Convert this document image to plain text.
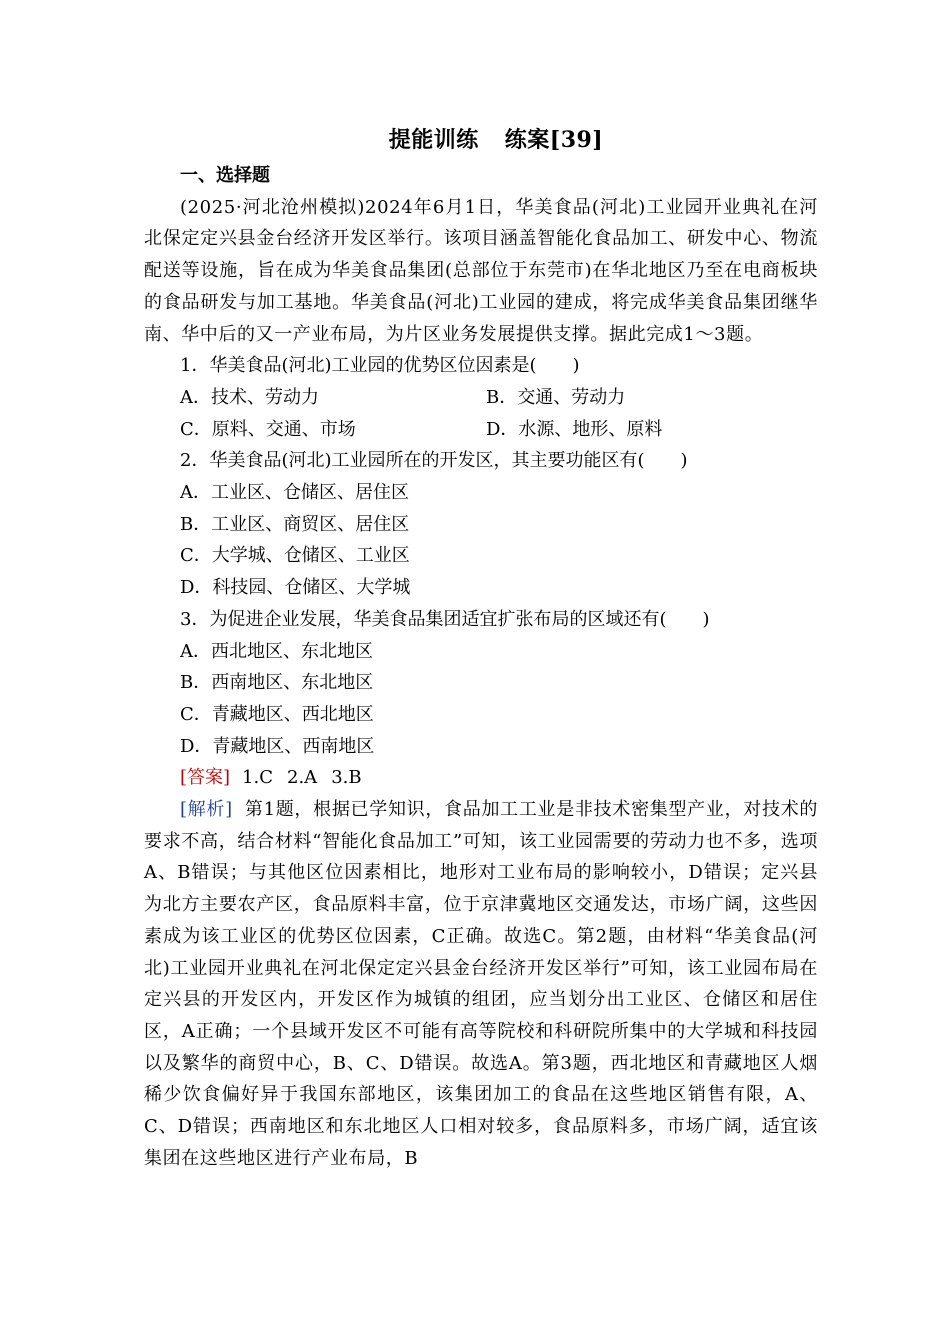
提能训练 练案[39]

一、选择题

(2025·河北沧州模拟)2024年6月1日，华美食品(河北)工业园开业典礼在河北保定定兴县金台经济开发区举行。该项目涵盖智能化食品加工、研发中心、物流配送等设施，旨在成为华美食品集团(总部位于东莞市)在华北地区乃至在电商板块的食品研发与加工基地。华美食品(河北)工业园的建成，将完成华美食品集团继华南、华中后的又一产业布局，为片区业务发展提供支撑。据此完成1～3题。

1．华美食品(河北)工业园的优势区位因素是(　　)

A．技术、劳动力	B．交通、劳动力
C．原料、交通、市场	D．水源、地形、原料

2．华美食品(河北)工业园所在的开发区，其主要功能区有(　　)

A．工业区、仓储区、居住区

B．工业区、商贸区、居住区

C．大学城、仓储区、工业区

D．科技园、仓储区、大学城

3．为促进企业发展，华美食品集团适宜扩张布局的区域还有(　　)

A．西北地区、东北地区

B．西南地区、东北地区

C．青藏地区、西北地区

D．青藏地区、西南地区

[答案] 1.C 2.A 3.B

[解析] 第1题，根据已学知识，食品加工工业是非技术密集型产业，对技术的要求不高，结合材料“智能化食品加工”可知，该工业园需要的劳动力也不多，选项A、B错误；与其他区位因素相比，地形对工业布局的影响较小，D错误；定兴县为北方主要农产区，食品原料丰富，位于京津冀地区交通发达，市场广阔，这些因素成为该工业区的优势区位因素，C正确。故选C。第2题，由材料“华美食品(河北)工业园开业典礼在河北保定定兴县金台经济开发区举行”可知，该工业园布局在定兴县的开发区内，开发区作为城镇的组团，应当划分出工业区、仓储区和居住区，A正确；一个县域开发区不可能有高等院校和科研院所集中的大学城和科技园以及繁华的商贸中心，B、C、D错误。故选A。第3题，西北地区和青藏地区人烟稀少饮食偏好异于我国东部地区，该集团加工的食品在这些地区销售有限，A、C、D错误；西南地区和东北地区人口相对较多，食品原料多，市场广阔，适宜该集团在这些地区进行产业布局，B
